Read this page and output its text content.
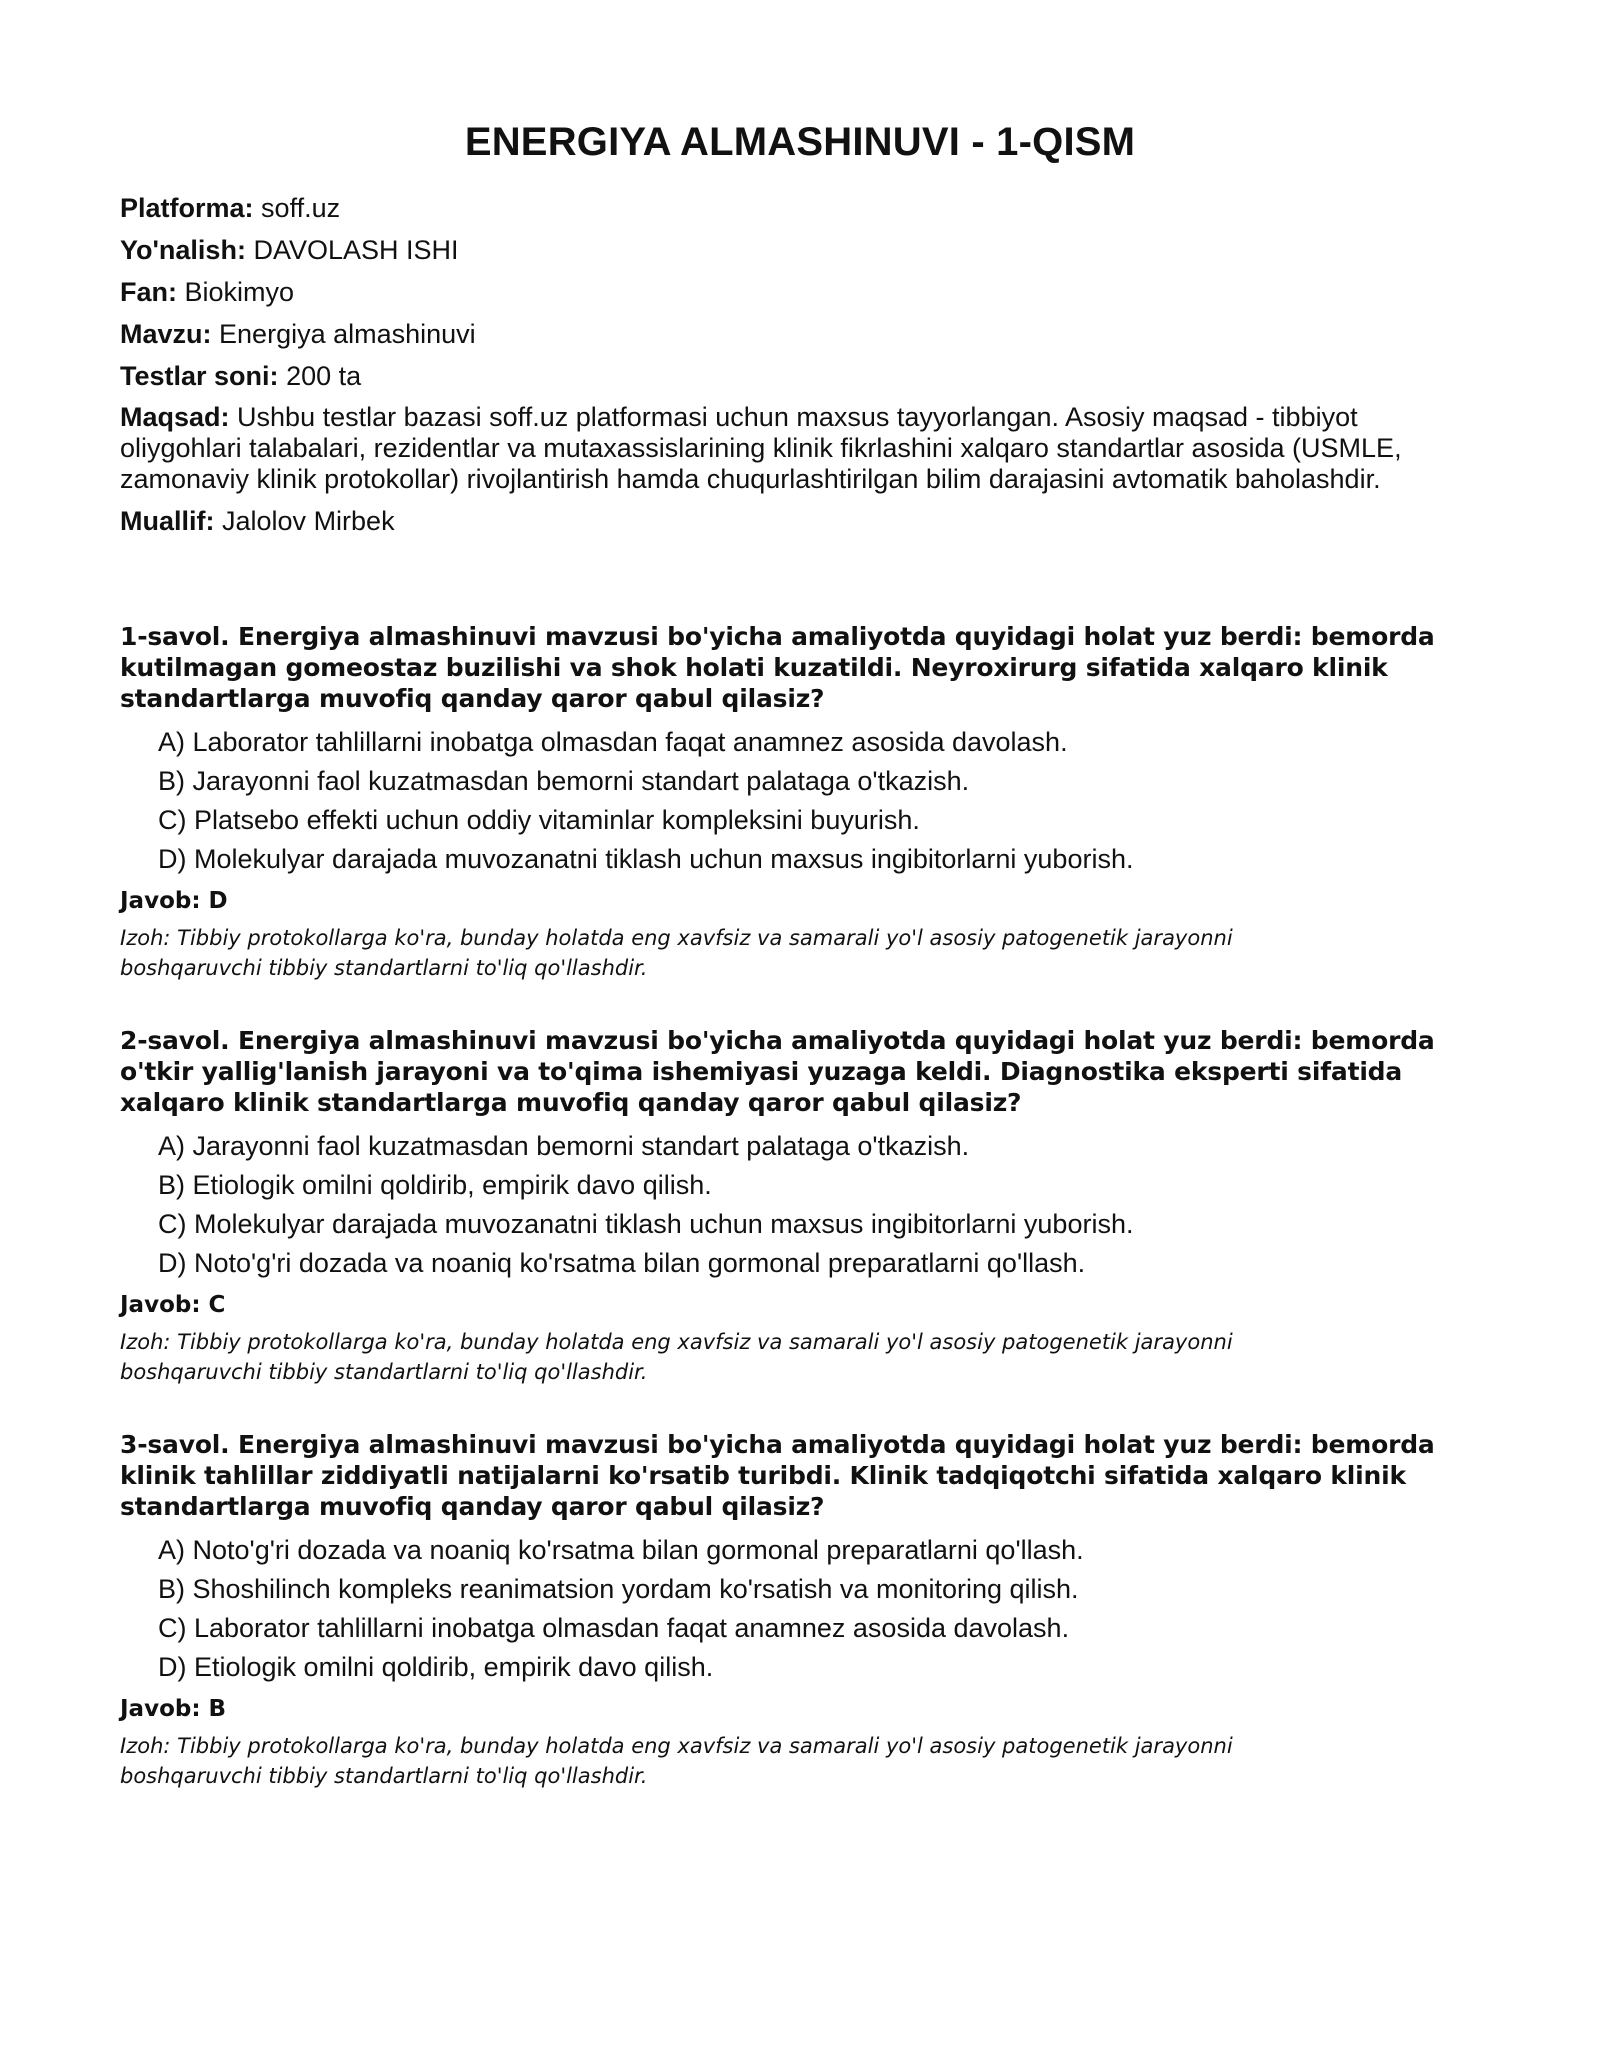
ENERGIYA ALMASHINUVI - 1-QISM

Platforma: soff.uz

Yo'nalish: DAVOLASH ISHI

Fan: Biokimyo

Mavzu: Energiya almashinuvi

Testlar soni: 200 ta

Maqsad: Ushbu testlar bazasi soff.uz platformasi uchun maxsus tayyorlangan. Asosiy maqsad - tibbiyot oliygohlari talabalari, rezidentlar va mutaxassislarining klinik fikrlashini xalqaro standartlar asosida (USMLE, zamonaviy klinik protokollar) rivojlantirish hamda chuqurlashtirilgan bilim darajasini avtomatik baholashdir.

Muallif: Jalolov Mirbek

1-savol. Energiya almashinuvi mavzusi bo'yicha amaliyotda quyidagi holat yuz berdi: bemorda kutilmagan gomeostaz buzilishi va shok holati kuzatildi. Neyroxirurg sifatida xalqaro klinik standartlarga muvofiq qanday qaror qabul qilasiz?

A) Laborator tahlillarni inobatga olmasdan faqat anamnez asosida davolash.
B) Jarayonni faol kuzatmasdan bemorni standart palataga o'tkazish.
C) Platsebo effekti uchun oddiy vitaminlar kompleksini buyurish.
D) Molekulyar darajada muvozanatni tiklash uchun maxsus ingibitorlarni yuborish.

Javob: D

Izoh: Tibbiy protokollarga ko'ra, bunday holatda eng xavfsiz va samarali yo'l asosiy patogenetik jarayonni boshqaruvchi tibbiy standartlarni to'liq qo'llashdir.

2-savol. Energiya almashinuvi mavzusi bo'yicha amaliyotda quyidagi holat yuz berdi: bemorda o'tkir yallig'lanish jarayoni va to'qima ishemiyasi yuzaga keldi. Diagnostika eksperti sifatida xalqaro klinik standartlarga muvofiq qanday qaror qabul qilasiz?

A) Jarayonni faol kuzatmasdan bemorni standart palataga o'tkazish.
B) Etiologik omilni qoldirib, empirik davo qilish.
C) Molekulyar darajada muvozanatni tiklash uchun maxsus ingibitorlarni yuborish.
D) Noto'g'ri dozada va noaniq ko'rsatma bilan gormonal preparatlarni qo'llash.

Javob: C

Izoh: Tibbiy protokollarga ko'ra, bunday holatda eng xavfsiz va samarali yo'l asosiy patogenetik jarayonni boshqaruvchi tibbiy standartlarni to'liq qo'llashdir.

3-savol. Energiya almashinuvi mavzusi bo'yicha amaliyotda quyidagi holat yuz berdi: bemorda klinik tahlillar ziddiyatli natijalarni ko'rsatib turibdi. Klinik tadqiqotchi sifatida xalqaro klinik standartlarga muvofiq qanday qaror qabul qilasiz?

A) Noto'g'ri dozada va noaniq ko'rsatma bilan gormonal preparatlarni qo'llash.
B) Shoshilinch kompleks reanimatsion yordam ko'rsatish va monitoring qilish.
C) Laborator tahlillarni inobatga olmasdan faqat anamnez asosida davolash.
D) Etiologik omilni qoldirib, empirik davo qilish.

Javob: B

Izoh: Tibbiy protokollarga ko'ra, bunday holatda eng xavfsiz va samarali yo'l asosiy patogenetik jarayonni boshqaruvchi tibbiy standartlarni to'liq qo'llashdir.
